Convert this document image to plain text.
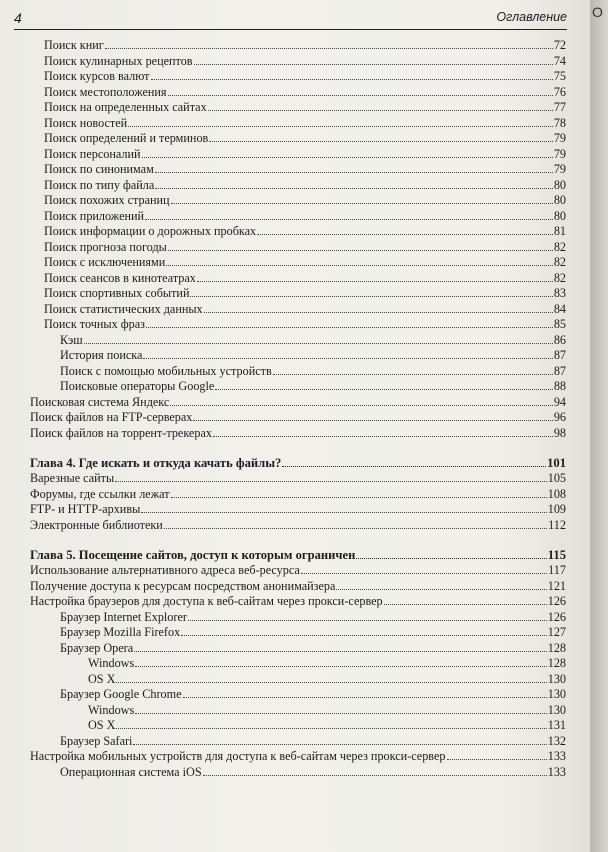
4	Оглавление
Поиск книг	72
Поиск кулинарных рецептов	74
Поиск курсов валют	75
Поиск местоположения	76
Поиск на определенных сайтах	77
Поиск новостей	78
Поиск определений и терминов	79
Поиск персоналий	79
Поиск по синонимам	79
Поиск по типу файла	80
Поиск похожих страниц	80
Поиск приложений	80
Поиск информации о дорожных пробках	81
Поиск прогноза погоды	82
Поиск с исключениями	82
Поиск сеансов в кинотеатрах	82
Поиск спортивных событий	83
Поиск статистических данных	84
Поиск точных фраз	85
Кэш	86
История поиска	87
Поиск с помощью мобильных устройств	87
Поисковые операторы Google	88
Поисковая система Яндекс	94
Поиск файлов на FTP-серверах	96
Поиск файлов на торрент-трекерах	98
Глава 4. Где искать и откуда качать файлы?	101
Варезные сайты	105
Форумы, где ссылки лежат	108
FTP- и HTTP-архивы	109
Электронные библиотеки	112
Глава 5. Посещение сайтов, доступ к которым ограничен	115
Использование альтернативного адреса веб-ресурса	117
Получение доступа к ресурсам посредством анонимайзера	121
Настройка браузеров для доступа к веб-сайтам через прокси-сервер	126
Браузер Internet Explorer	126
Браузер Mozilla Firefox	127
Браузер Opera	128
Windows	128
OS X	130
Браузер Google Chrome	130
Windows	130
OS X	131
Браузер Safari	132
Настройка мобильных устройств для доступа к веб-сайтам через прокси-сервер	133
Операционная система iOS	133
О
